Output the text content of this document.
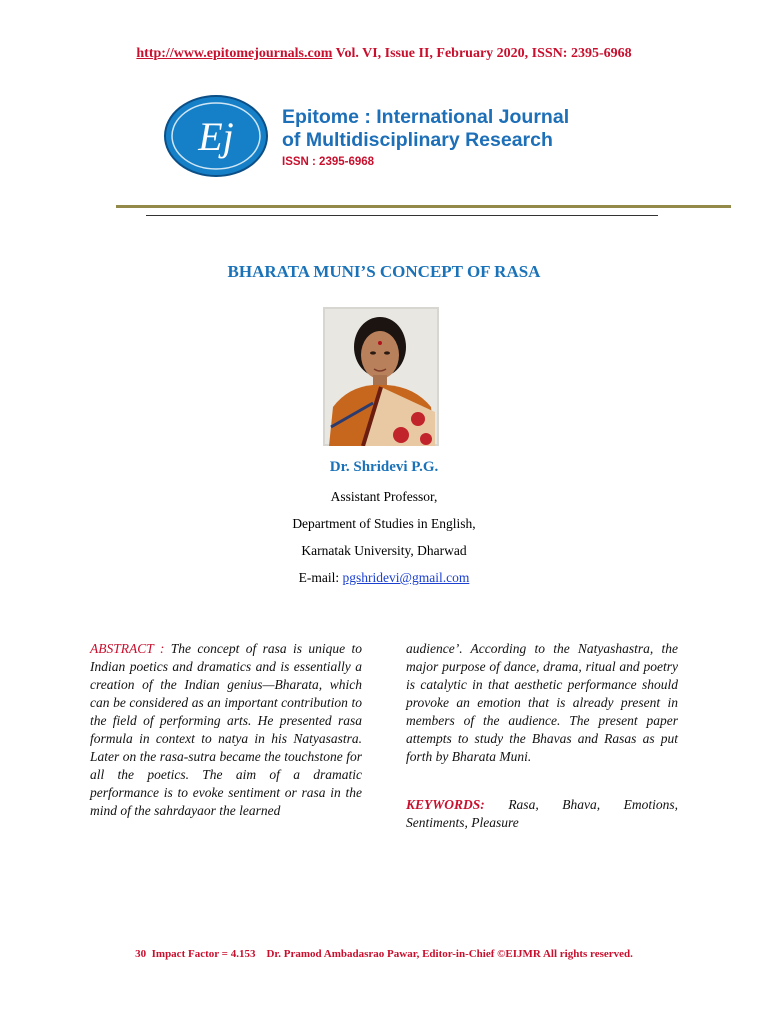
http://www.epitomejournals.com Vol. VI, Issue II, February 2020, ISSN: 2395-6968
Ej Epitome : International Journal
of Multidisciplinary Research
ISSN : 2395-6968
BHARATA MUNI’S CONCEPT OF RASA
Dr. Shridevi P.G.
Assistant Professor,
Department of Studies in English,
Karnatak University, Dharwad
E-mail: pgshridevi@gmail.com
ABSTRACT : The concept of rasa is unique to Indian poetics and dramatics and is essentially a creation of the Indian genius—Bharata, which can be considered as an important contribution to the field of performing arts. He presented rasa formula in context to natya in his Natyasastra. Later on the rasa-sutra became the touchstone for all the poetics. The aim of a dramatic performance is to evoke sentiment or rasa in the mind of the sahrdayaor the learned
audience’. According to the Natyashastra, the major purpose of dance, drama, ritual and poetry is catalytic in that aesthetic performance should provoke an emotion that is already present in members of the audience. The present paper attempts to study the Bhavas and Rasas as put forth by Bharata Muni.
KEYWORDS: Rasa, Bhava, Emotions, Sentiments, Pleasure
30 Impact Factor = 4.153 Dr. Pramod Ambadasrao Pawar, Editor-in-Chief ©EIJMR All rights reserved.
